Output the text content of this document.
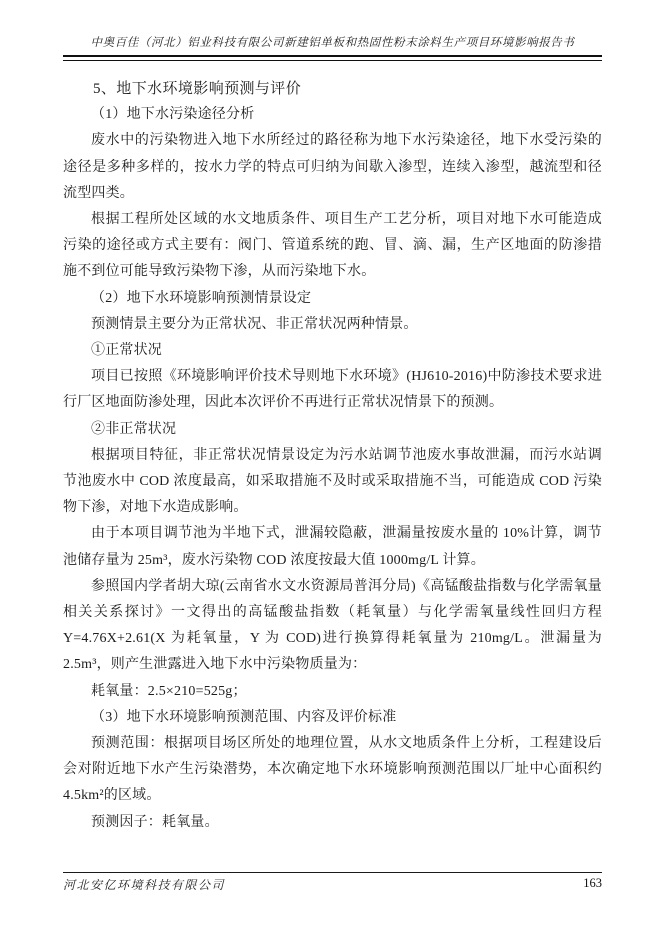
中奥百佳（河北）铝业科技有限公司新建铝单板和热固性粉末涂料生产项目环境影响报告书

5、地下水环境影响预测与评价

（1）地下水污染途径分析

废水中的污染物进入地下水所经过的路径称为地下水污染途径，地下水受污染的途径是多种多样的，按水力学的特点可归纳为间歇入渗型，连续入渗型，越流型和径流型四类。

根据工程所处区域的水文地质条件、项目生产工艺分析，项目对地下水可能造成污染的途径或方式主要有：阀门、管道系统的跑、冒、滴、漏，生产区地面的防渗措施不到位可能导致污染物下渗，从而污染地下水。

（2）地下水环境影响预测情景设定

预测情景主要分为正常状况、非正常状况两种情景。

①正常状况

项目已按照《环境影响评价技术导则地下水环境》(HJ610-2016)中防渗技术要求进行厂区地面防渗处理，因此本次评价不再进行正常状况情景下的预测。

②非正常状况

根据项目特征，非正常状况情景设定为污水站调节池废水事故泄漏，而污水站调节池废水中 COD 浓度最高，如采取措施不及时或采取措施不当，可能造成 COD 污染物下渗，对地下水造成影响。

由于本项目调节池为半地下式，泄漏较隐蔽，泄漏量按废水量的 10%计算，调节池储存量为 25m³，废水污染物 COD 浓度按最大值 1000mg/L 计算。

参照国内学者胡大琼(云南省水文水资源局普洱分局)《高锰酸盐指数与化学需氧量相关关系探讨》一文得出的高锰酸盐指数（耗氧量）与化学需氧量线性回归方程Y=4.76X+2.61(X 为耗氧量，Y 为 COD)进行换算得耗氧量为 210mg/L。泄漏量为 2.5m³，则产生泄露进入地下水中污染物质量为：

耗氧量：2.5×210=525g；

（3）地下水环境影响预测范围、内容及评价标准

预测范围：根据项目场区所处的地理位置，从水文地质条件上分析，工程建设后会对附近地下水产生污染潜势，本次确定地下水环境影响预测范围以厂址中心面积约4.5km²的区域。

预测因子：耗氧量。

河北安亿环境科技有限公司	163
